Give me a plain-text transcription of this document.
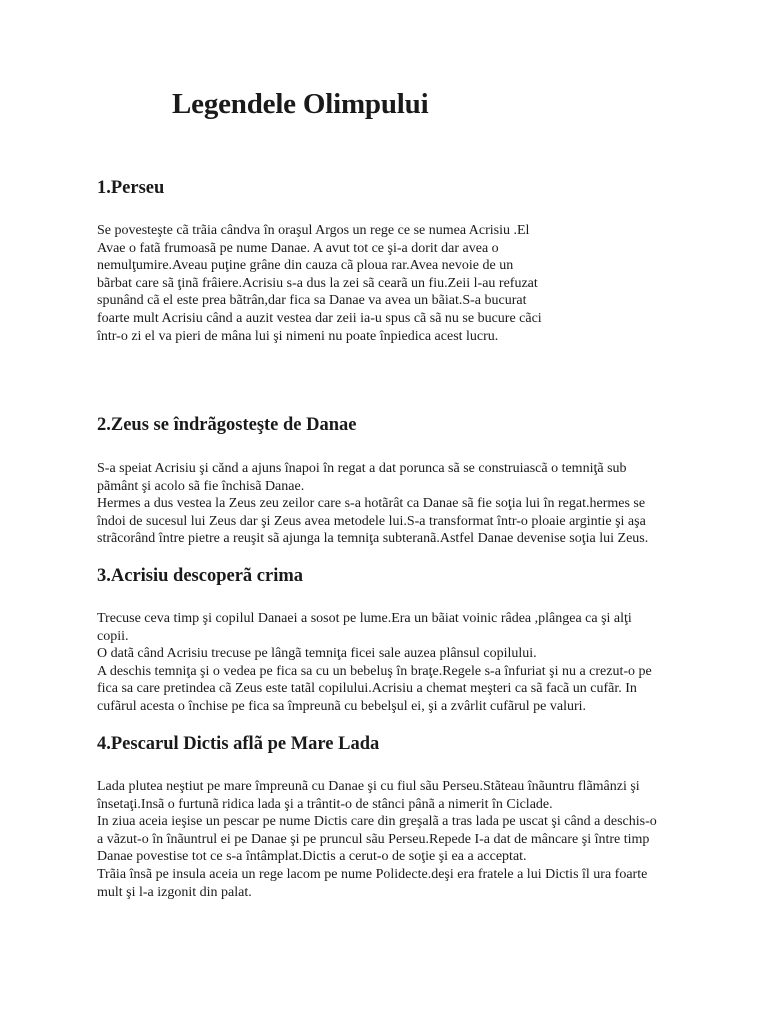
Legendele Olimpului
1.Perseu
Se povesteşte cã trãia cândva în oraşul Argos un rege ce se numea Acrisiu .El
Avae o fatã frumoasã pe nume Danae. A avut tot ce şi-a dorit dar avea o
nemulţumire.Aveau puţine grâne din cauza cã ploua rar.Avea nevoie de un
bãrbat care sã ţinã frâiere.Acrisiu s-a dus la zei sã cearã un fiu.Zeii l-au refuzat
spunând cã el este prea bãtrân,dar fica sa Danae va avea un bãiat.S-a bucurat
foarte mult Acrisiu când a auzit vestea dar zeii ia-u spus cã sã nu se bucure cãci
într-o zi el va pieri de mâna lui şi nimeni nu poate înpiedica acest lucru.
2.Zeus se îndrãgosteşte de Danae
S-a speiat Acrisiu şi cănd a ajuns înapoi în regat a dat porunca sã se construiascã o temniţã sub
pãmânt şi acolo sã fie închisã Danae.
Hermes a dus vestea la Zeus zeu zeilor care s-a hotãrât ca Danae sã fie soţia lui în regat.hermes se
îndoi de sucesul lui Zeus dar şi Zeus avea metodele lui.S-a transformat într-o ploaie argintie şi aşa
strãcorând între pietre a reuşit sã ajunga la temniţa subteranã.Astfel Danae devenise soţia lui Zeus.
3.Acrisiu descoperã crima
Trecuse ceva timp şi copilul Danaei a sosot pe lume.Era un bãiat voinic râdea ,plângea ca şi alţi
copii.
O datã când Acrisiu trecuse pe lângã temniţa ficei sale auzea plânsul copilului.
A deschis temniţa şi o vedea pe fica sa cu un bebeluş în braţe.Regele s-a înfuriat şi nu a crezut-o pe
fica sa care pretindea cã Zeus este tatãl copilului.Acrisiu a chemat meşteri ca sã facã un cufãr. In
cufãrul acesta o închise pe fica sa împreunã cu bebelşul ei, şi a zvârlit cufãrul pe valuri.
4.Pescarul Dictis aflã pe Mare Lada
Lada plutea neştiut pe mare împreunã cu Danae şi cu fiul sãu Perseu.Stãteau înãuntru flãmânzi şi
însetaţi.Insã o furtunã ridica lada şi a trântit-o de stânci pânã a nimerit în Ciclade.
In ziua aceia ieşise un pescar pe nume Dictis care din greşalã a tras lada pe uscat şi când a deschis-o
a vãzut-o în înãuntrul ei pe Danae şi pe pruncul sãu Perseu.Repede I-a dat de mâncare şi între timp
Danae povestise tot ce s-a întâmplat.Dictis a cerut-o de soţie şi ea a acceptat.
Trãia însã pe insula aceia un rege lacom pe nume Polidecte.deşi era fratele a lui Dictis îl ura foarte
mult şi l-a izgonit din palat.
